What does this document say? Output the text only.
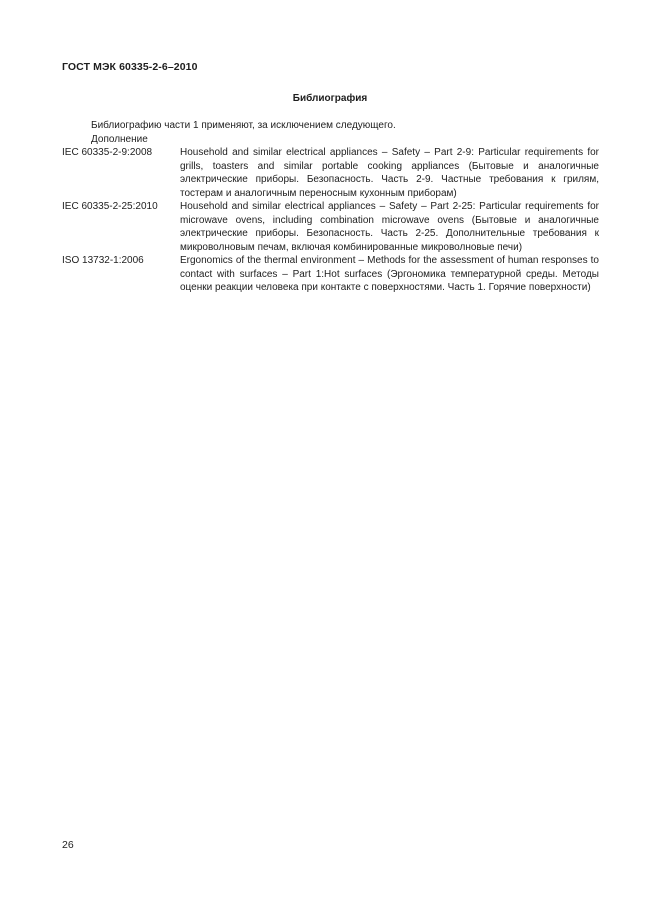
ГОСТ МЭК 60335-2-6–2010
Библиография
Библиографию части 1 применяют, за исключением следующего.
Дополнение
IEC 60335-2-9:2008	Household and similar electrical appliances – Safety – Part 2-9: Particular requirements for grills, toasters and similar portable cooking appliances (Бытовые и аналогичные электрические приборы. Безопасность. Часть 2-9. Частные требования к грилям, тостерам и аналогичным переносным кухонным приборам)
IEC 60335-2-25:2010	Household and similar electrical appliances – Safety – Part 2-25: Particular requirements for microwave ovens, including combination microwave ovens (Бытовые и аналогичные электрические приборы. Безопасность. Часть 2-25. Дополнительные требования к микроволновым печам, включая комбинированные микроволновые печи)
ISO 13732-1:2006	Ergonomics of the thermal environment – Methods for the assessment of human responses to contact with surfaces – Part 1:Hot surfaces (Эргономика температурной среды. Методы оценки реакции человека при контакте с поверхностями. Часть 1. Горячие поверхности)
26
